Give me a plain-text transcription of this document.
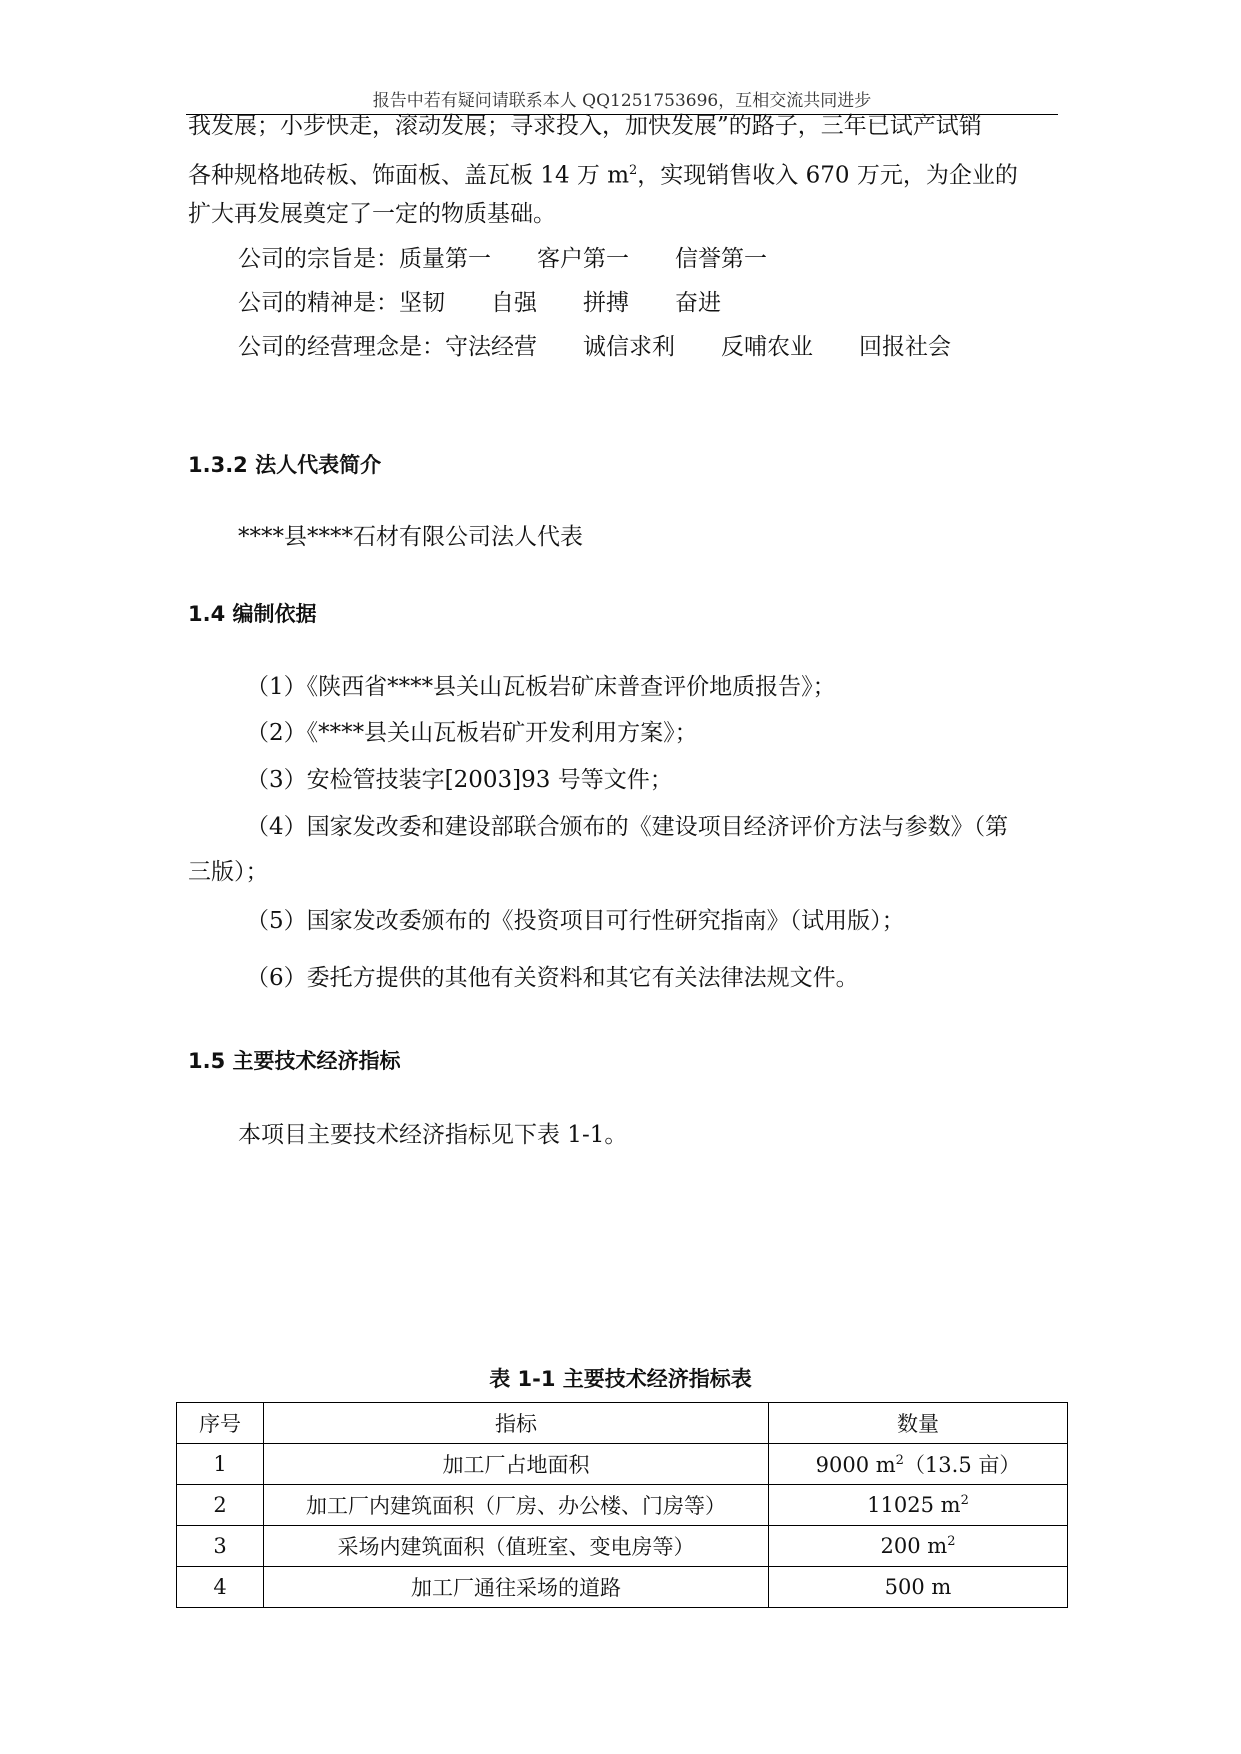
报告中若有疑问请联系本人 QQ1251753696，互相交流共同进步
我发展；小步快走，滚动发展；寻求投入，加快发展”的路子，三年已试产试销
各种规格地砖板、饰面板、盖瓦板 14 万 $m^2$，实现销售收入 670 万元，为企业的
扩大再发展奠定了一定的物质基础。
公司的宗旨是：质量第一 客户第一 信誉第一
公司的精神是：坚韧 自强 拼搏 奋进
公司的经营理念是：守法经营 诚信求利 反哺农业 回报社会
1.3.2 法人代表简介
****县****石材有限公司法人代表
1.4 编制依据
（1）《陕西省****县关山瓦板岩矿床普查评价地质报告》；
（2）《****县关山瓦板岩矿开发利用方案》；
（3）安检管技装字[2003]93 号等文件；
（4）国家发改委和建设部联合颁布的《建设项目经济评价方法与参数》（第
三版）；
（5）国家发改委颁布的《投资项目可行性研究指南》（试用版）；
（6）委托方提供的其他有关资料和其它有关法律法规文件。
1.5 主要技术经济指标
本项目主要技术经济指标见下表 1-1。
表 1-1 主要技术经济指标表
序号	指标	数量
1	加工厂占地面积	9000 $m^2(13.5$ 亩）
2	加工厂内建筑面积（厂房、办公楼、门房等）	11025 $m^2$
3	采场内建筑面积（值班室、变电房等）	200 $m^2$
4	加工厂通往采场的道路	500 m
